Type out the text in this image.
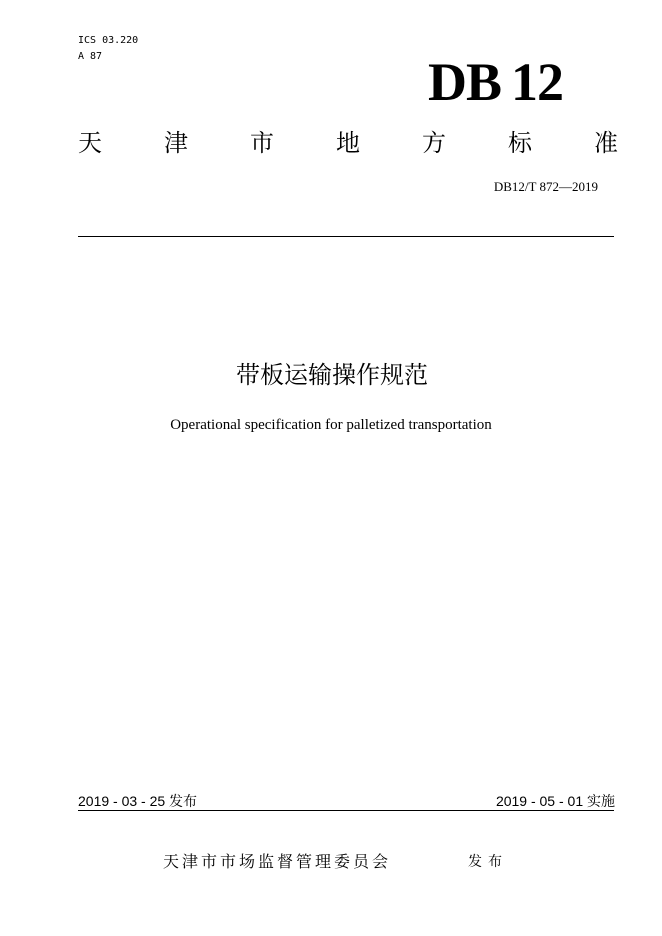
ICS 03.220
A 87	DB 12
天	津	市	地	方	标	准
DB12/T 872—2019
带板运输操作规范
Operational specification for palletized transportation
2019 - 03 - 25 发布	2019 - 05 - 01 实施
天津市市场监督管理委员会	发布
